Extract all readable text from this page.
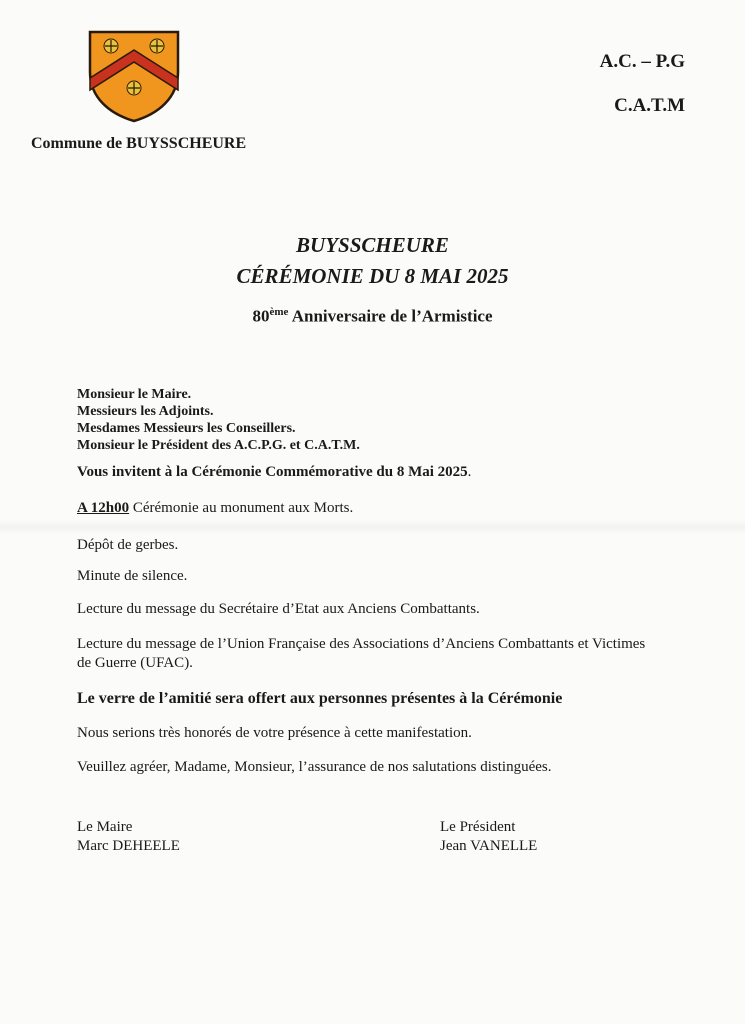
Commune de BUYSSCHEURE
A.C. – P.G
C.A.T.M
BUYSSCHEURE
CÉRÉMONIE DU 8 MAI 2025
80ème Anniversaire de l’Armistice
Monsieur le Maire.
Messieurs les Adjoints.
Mesdames Messieurs les Conseillers.
Monsieur le Président des A.C.P.G. et C.A.T.M.

Vous invitent à la Cérémonie Commémorative du 8 Mai 2025.

A 12h00 Cérémonie au monument aux Morts.

Dépôt de gerbes.

Minute de silence.

Lecture du message du Secrétaire d’Etat aux Anciens Combattants.

Lecture du message de l’Union Française des Associations d’Anciens Combattants et Victimes de Guerre (UFAC).

Le verre de l’amitié sera offert aux personnes présentes à la Cérémonie

Nous serions très honorés de votre présence à cette manifestation.

Veuillez agréer, Madame, Monsieur, l’assurance de nos salutations distinguées.

Le Maire
Marc DEHEELE
Le Président
Jean VANELLE
